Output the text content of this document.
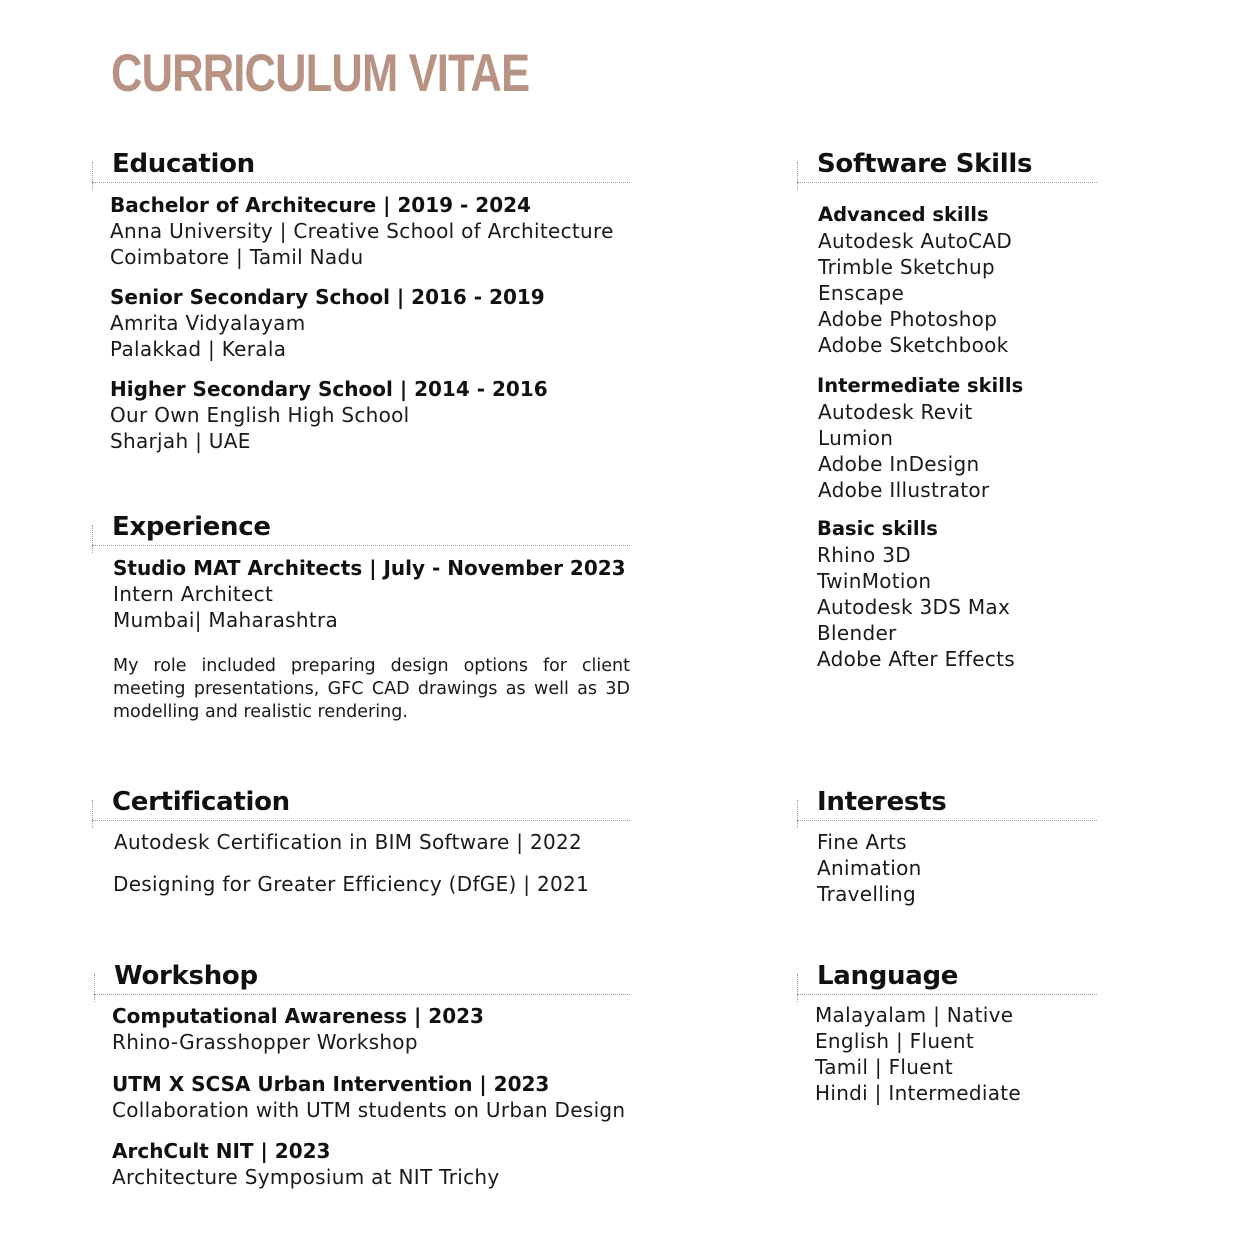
CURRICULUM VITAE
Education
Bachelor of Architecure | 2019 - 2024
Anna University | Creative School of Architecture
Coimbatore | Tamil Nadu
Senior Secondary School | 2016 - 2019
Amrita Vidyalayam
Palakkad | Kerala
Higher Secondary School | 2014 - 2016
Our Own English High School
Sharjah | UAE
Experience
Studio MAT Architects | July - November 2023
Intern Architect
Mumbai| Maharashtra
My role included preparing design options for client meeting presentations, GFC CAD drawings as well as 3D modelling and realistic rendering.
Certification
Autodesk Certification in BIM Software | 2022
Designing for Greater Efficiency (DfGE) | 2021
Workshop
Computational Awareness | 2023
Rhino-Grasshopper Workshop
UTM X SCSA Urban Intervention | 2023
Collaboration with UTM students on Urban Design
ArchCult NIT | 2023
Architecture Symposium at NIT Trichy
Software Skills
Advanced skills
Autodesk AutoCAD
Trimble Sketchup
Enscape
Adobe Photoshop
Adobe Sketchbook
Intermediate skills
Autodesk Revit
Lumion
Adobe InDesign
Adobe Illustrator
Basic skills
Rhino 3D
TwinMotion
Autodesk 3DS Max
Blender
Adobe After Effects
Interests
Fine Arts
Animation
Travelling
Language
Malayalam | Native
English | Fluent
Tamil | Fluent
Hindi | Intermediate
